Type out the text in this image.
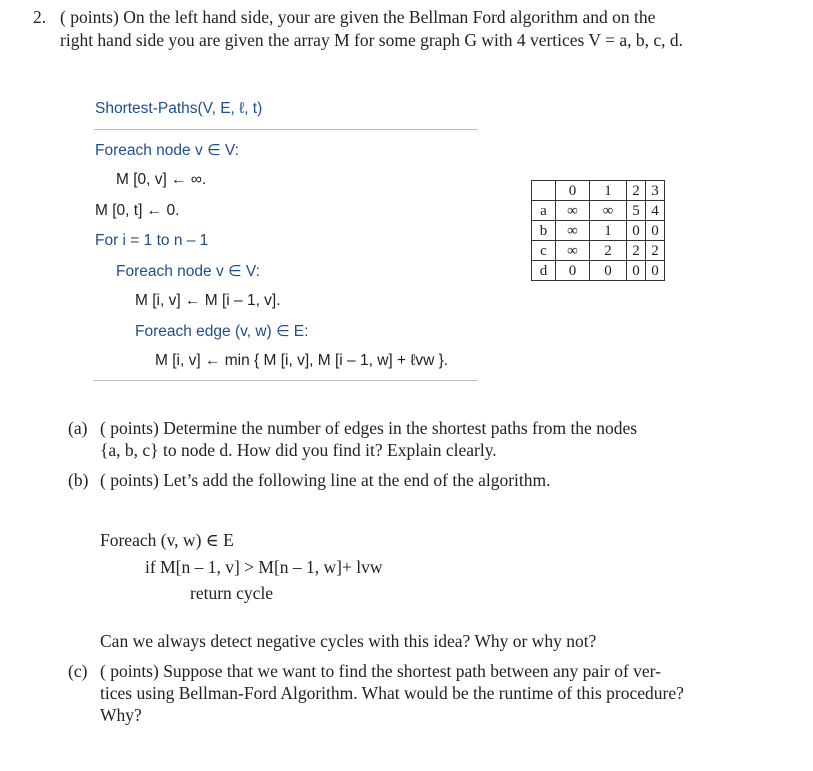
2. ( points) On the left hand side, your are given the Bellman Ford algorithm and on the
right hand side you are given the array M for some graph G with 4 vertices V = a, b, c, d.
Shortest-Paths(V, E, ℓ, t)
Foreach node v ∈ V:
M [0, v] ← ∞.
M [0, t] ← 0.
For i = 1 to n – 1
Foreach node v ∈ V:
M [i, v] ← M [i – 1, v].
Foreach edge (v, w) ∈ E:
M [i, v] ← min { M [i, v], M [i – 1, w] + ℓvw }.
	0	1	2	3
a	∞	∞	5	4
b	∞	1	0	0
c	∞	2	2	2
d	0	0	0	0
(a) ( points) Determine the number of edges in the shortest paths from the nodes
{a, b, c} to node d. How did you find it? Explain clearly.
(b) ( points) Let’s add the following line at the end of the algorithm.
Foreach (v, w) ∈ E
if M[n – 1, v] > M[n – 1, w]+ lvw
return cycle
Can we always detect negative cycles with this idea? Why or why not?
(c) ( points) Suppose that we want to find the shortest path between any pair of ver-
tices using Bellman-Ford Algorithm. What would be the runtime of this procedure?
Why?
